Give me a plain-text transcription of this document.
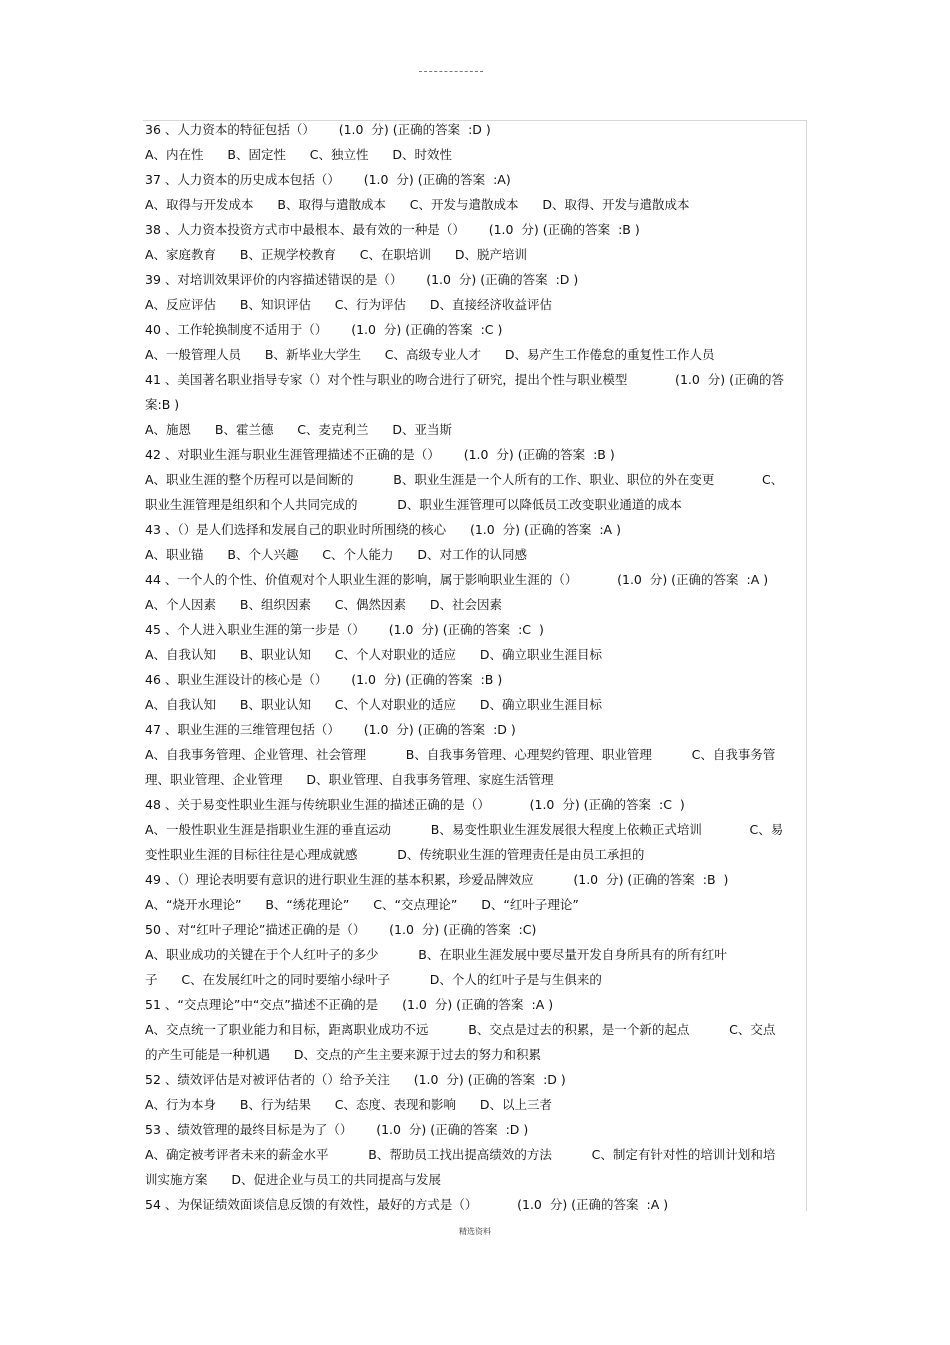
36 、人力资本的特征包括（）      (1.0  分) (正确的答案  :D )
A、内在性      B、固定性      C、独立性      D、时效性
37 、人力资本的历史成本包括（）      (1.0  分) (正确的答案  :A)
A、取得与开发成本      B、取得与遣散成本      C、开发与遣散成本      D、取得、开发与遣散成本
38 、人力资本投资方式市中最根本、最有效的一种是（）      (1.0  分) (正确的答案  :B )
A、家庭教育      B、正规学校教育      C、在职培训      D、脱产培训
39 、对培训效果评价的内容描述错误的是（）      (1.0  分) (正确的答案  :D )
A、反应评估      B、知识评估      C、行为评估      D、直接经济收益评估
40 、工作轮换制度不适用于（）      (1.0  分) (正确的答案  :C )
A、一般管理人员      B、新毕业大学生      C、高级专业人才      D、易产生工作倦怠的重复性工作人员
41 、美国著名职业指导专家（）对个性与职业的吻合进行了研究，提出个性与职业模型            (1.0  分) (正确的答
案:B )
A、施恩      B、霍兰德      C、麦克利兰      D、亚当斯
42 、对职业生涯与职业生涯管理描述不正确的是（）      (1.0  分) (正确的答案  :B )
A、职业生涯的整个历程可以是间断的          B、职业生涯是一个人所有的工作、职业、职位的外在变更            C、
职业生涯管理是组织和个人共同完成的          D、职业生涯管理可以降低员工改变职业通道的成本
43 、（）是人们选择和发展自己的职业时所围绕的核心      (1.0  分) (正确的答案  :A )
A、职业锚      B、个人兴趣      C、个人能力      D、对工作的认同感
44 、一个人的个性、价值观对个人职业生涯的影响，属于影响职业生涯的（）          (1.0  分) (正确的答案  :A )
A、个人因素      B、组织因素      C、偶然因素      D、社会因素
45 、个人进入职业生涯的第一步是（）      (1.0  分) (正确的答案  :C  )
A、自我认知      B、职业认知      C、个人对职业的适应      D、确立职业生涯目标
46 、职业生涯设计的核心是（）      (1.0  分) (正确的答案  :B )
A、自我认知      B、职业认知      C、个人对职业的适应      D、确立职业生涯目标
47 、职业生涯的三维管理包括（）      (1.0  分) (正确的答案  :D )
A、自我事务管理、企业管理、社会管理          B、自我事务管理、心理契约管理、职业管理          C、自我事务管
理、职业管理、企业管理      D、职业管理、自我事务管理、家庭生活管理
48 、关于易变性职业生涯与传统职业生涯的描述正确的是（）          (1.0  分) (正确的答案  :C  )
A、一般性职业生涯是指职业生涯的垂直运动          B、易变性职业生涯发展很大程度上依赖正式培训            C、易
变性职业生涯的目标往往是心理成就感          D、传统职业生涯的管理责任是由员工承担的
49 、（）理论表明要有意识的进行职业生涯的基本积累，珍爱品牌效应          (1.0  分) (正确的答案  :B  )
A、“烧开水理论”      B、“绣花理论”      C、“交点理论”      D、“红叶子理论”
50 、对“红叶子理论”描述正确的是（）      (1.0  分) (正确的答案  :C)
A、职业成功的关键在于个人红叶子的多少          B、在职业生涯发展中要尽量开发自身所具有的所有红叶
子      C、在发展红叶之的同时要缩小绿叶子          D、个人的红叶子是与生俱来的
51 、“交点理论”中“交点”描述不正确的是      (1.0  分) (正确的答案  :A )
A、交点统一了职业能力和目标，距离职业成功不远          B、交点是过去的积累，是一个新的起点          C、交点
的产生可能是一种机遇      D、交点的产生主要来源于过去的努力和积累
52 、绩效评估是对被评估者的（）给予关注      (1.0  分) (正确的答案  :D )
A、行为本身      B、行为结果      C、态度、表现和影响      D、以上三者
53 、绩效管理的最终目标是为了（）      (1.0  分) (正确的答案  :D )
A、确定被考评者未来的薪金水平          B、帮助员工找出提高绩效的方法          C、制定有针对性的培训计划和培
训实施方案      D、促进企业与员工的共同提高与发展
54 、为保证绩效面谈信息反馈的有效性，最好的方式是（）          (1.0  分) (正确的答案  :A )
精选资料
